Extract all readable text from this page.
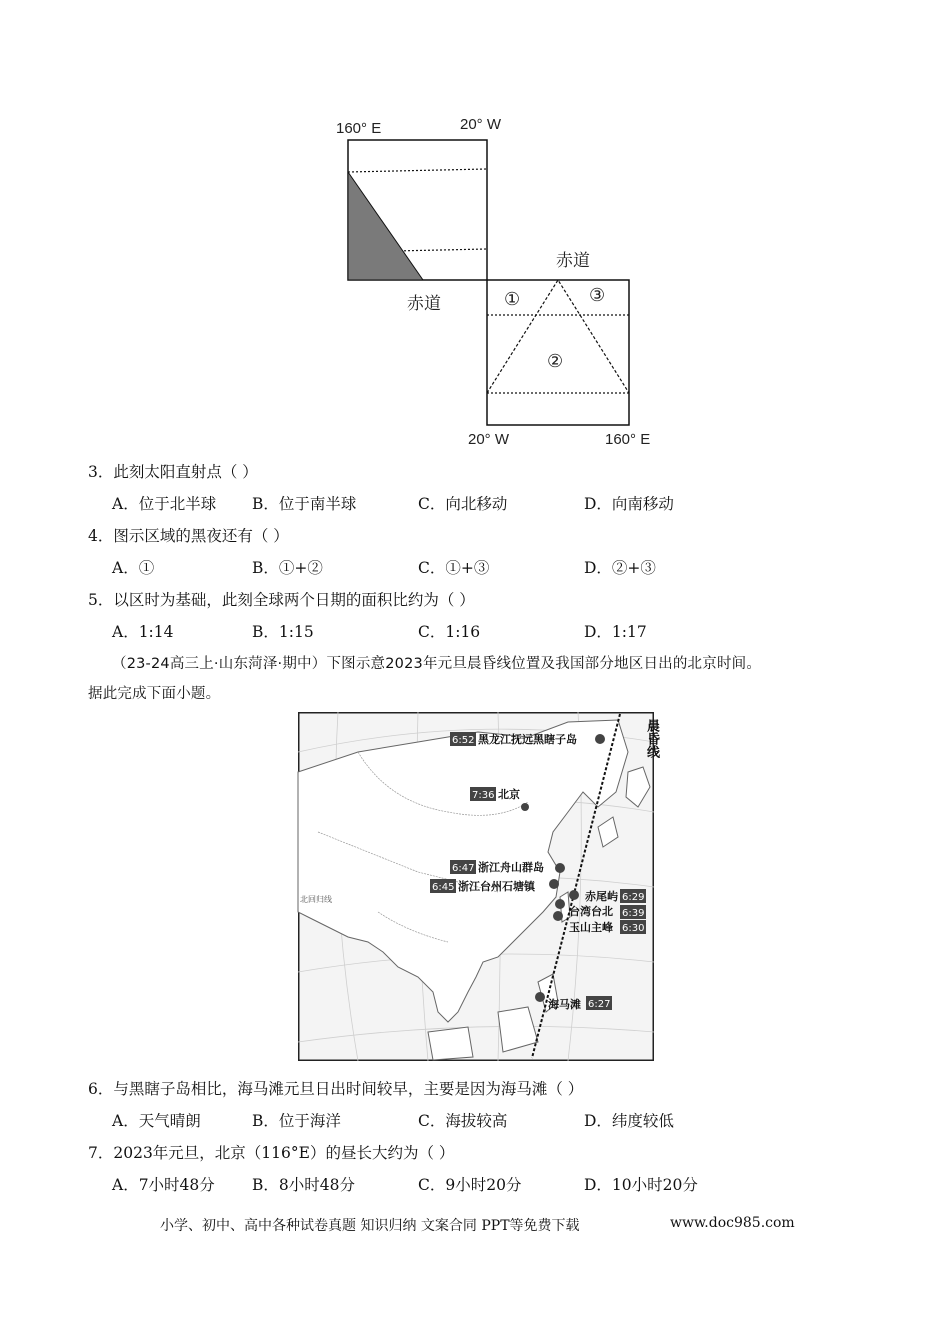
160° E	20° W
赤道
赤道	①	③
②
20° W	160° E
3．此刻太阳直射点（ ）
A．位于北半球 B．位于南半球	C．向北移动	D．向南移动
4．图示区域的黑夜还有（ ）
A．①	B．①+②	C．①+③	D．②+③
5．以区时为基础，此刻全球两个日期的面积比约为（ ）
A．1:14	B．1:15	C．1:16	D．1:17
（23-24高三上·山东菏泽·期中）下图示意2023年元旦晨昏线位置及我国部分地区日出的北京时间。
据此完成下面小题。
北回归线
晨昏线
6:52 黑龙江抚远黑瞎子岛
7:36 北京
6:47 浙江舟山群岛
6:45 浙江台州石塘镇
赤尾屿 6:29
台湾台北 6:39
玉山主峰 6:30
海马滩 6:27
6．与黑瞎子岛相比，海马滩元旦日出时间较早，主要是因为海马滩（ ）
A．天气晴朗	B．位于海洋	C．海拔较高	D．纬度较低
7．2023年元旦，北京（116°E）的昼长大约为（ ）
A．7小时48分 B．8小时48分	C．9小时20分	D．10小时20分
小学、初中、高中各种试卷真题 知识归纳 文案合同 PPT等免费下载	www.doc985.com
